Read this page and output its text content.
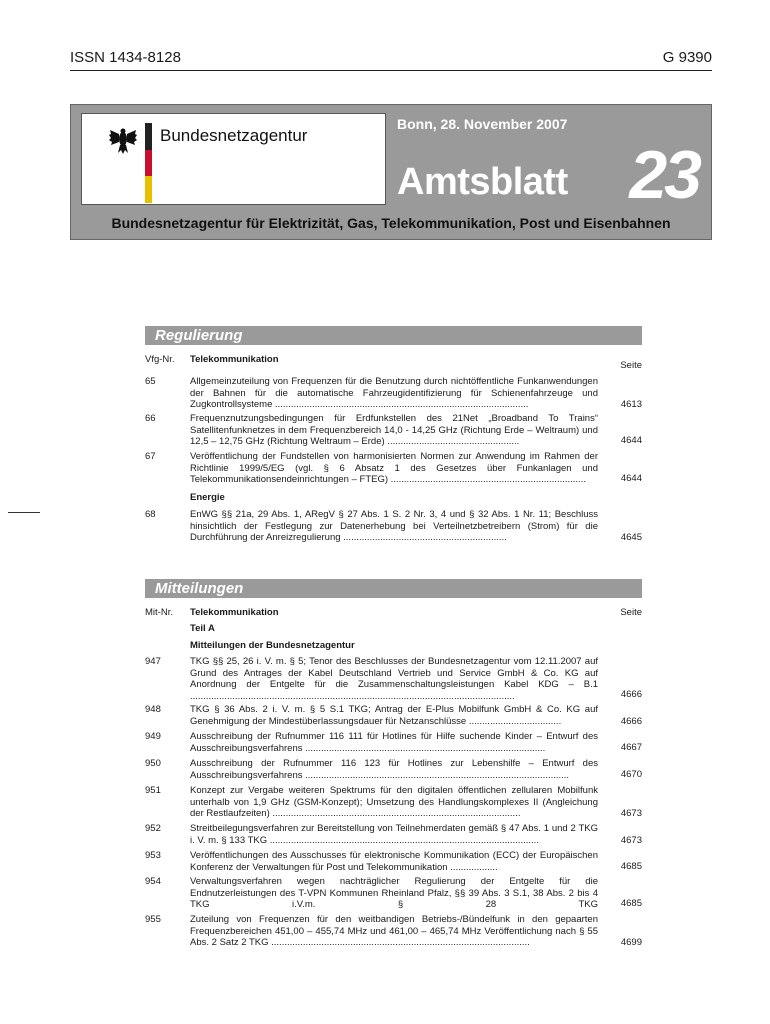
ISSN 1434-8128	G 9390
Bundesnetzagentur
Bonn, 28. November 2007
Amtsblatt 23
Bundesnetzagentur für Elektrizität, Gas, Telekommunikation, Post und Eisenbahnen
Regulierung
Vfg-Nr. Telekommunikation
Seite
65	Allgemeinzuteilung von Frequenzen für die Benutzung durch nichtöffentliche Funkanwendungen der Bahnen für die automatische Fahrzeugidentifizierung für Schienenfahrzeuge und Zugkontrollsysteme ................................................................................................	4613
66	Frequenznutzungsbedingungen für Erdfunkstellen des 21Net „Broadband To Trains“ Satellitenfunknetzes in dem Frequenzbereich 14,0 - 14,25 GHz (Richtung Erde – Weltraum) und 12,5 – 12,75 GHz (Richtung Weltraum – Erde) ..................................................	4644
67	Veröffentlichung der Fundstellen von harmonisierten Normen zur Anwendung im Rahmen der Richtlinie 1999/5/EG (vgl. § 6 Absatz 1 des Gesetzes über Funkanlagen und Telekommunikationsendeinrichtungen – FTEG) ..........................................................................	4644
Energie
68	EnWG §§ 21a, 29 Abs. 1, ARegV § 27 Abs. 1 S. 2 Nr. 3, 4 und § 32 Abs. 1 Nr. 11; Beschluss hinsichtlich der Festlegung zur Datenerhebung bei Verteilnetzbetreibern (Strom) für die Durchführung der Anreizregulierung ..............................................................	4645
Mitteilungen
Mit-Nr. Telekommunikation	Seite
Teil A
Mitteilungen der Bundesnetzagentur
947	TKG §§ 25, 26 i. V. m. § 5; Tenor des Beschlusses der Bundesnetzagentur vom 12.11.2007 auf Grund des Antrages der Kabel Deutschland Vertrieb und Service GmbH & Co. KG auf Anordnung der Entgelte für die Zusammenschaltungsleistungen Kabel KDG – B.1 ...........................................................................................................................	4666
948	TKG § 36 Abs. 2 i. V. m. § 5 S.1 TKG; Antrag der E-Plus Mobilfunk GmbH & Co. KG auf Genehmigung der Mindestüberlassungsdauer für Netzanschlüsse ...................................	4666
949	Ausschreibung der Rufnummer 116 111 für Hotlines für Hilfe suchende Kinder – Entwurf des Ausschreibungsverfahrens ...........................................................................................	4667
950	Ausschreibung der Rufnummer 116 123 für Hotlines zur Lebenshilfe – Entwurf des Ausschreibungsverfahrens ....................................................................................................	4670
951	Konzept zur Vergabe weiteren Spektrums für den digitalen öffentlichen zellularen Mobilfunk unterhalb von 1,9 GHz (GSM-Konzept); Umsetzung des Handlungskomplexes II (Angleichung der Restlaufzeiten) ..............................................................................................	4673
952	Streitbeilegungsverfahren zur Bereitstellung von Teilnehmerdaten gemäß § 47 Abs. 1 und 2 TKG i. V. m. § 133 TKG ......................................................................................................	4673
953	Veröffentlichungen des Ausschusses für elektronische Kommunikation (ECC) der Europäischen Konferenz der Verwaltungen für Post und Telekommunikation ..................	4685
954	Verwaltungsverfahren wegen nachträglicher Regulierung der Entgelte für die Endnutzerleistungen des T-VPN Kommunen Rheinland Pfalz, §§ 39 Abs. 3 S.1, 38 Abs. 2 bis 4 TKG i.V.m. § 28 TKG	4685
955	Zuteilung von Frequenzen für den weitbandigen Betriebs-/Bündelfunk in den gepaarten Frequenzbereichen 451,00 – 455,74 MHz und 461,00 – 465,74 MHz Veröffentlichung nach § 55 Abs. 2 Satz 2 TKG ..................................................................................................	4699
